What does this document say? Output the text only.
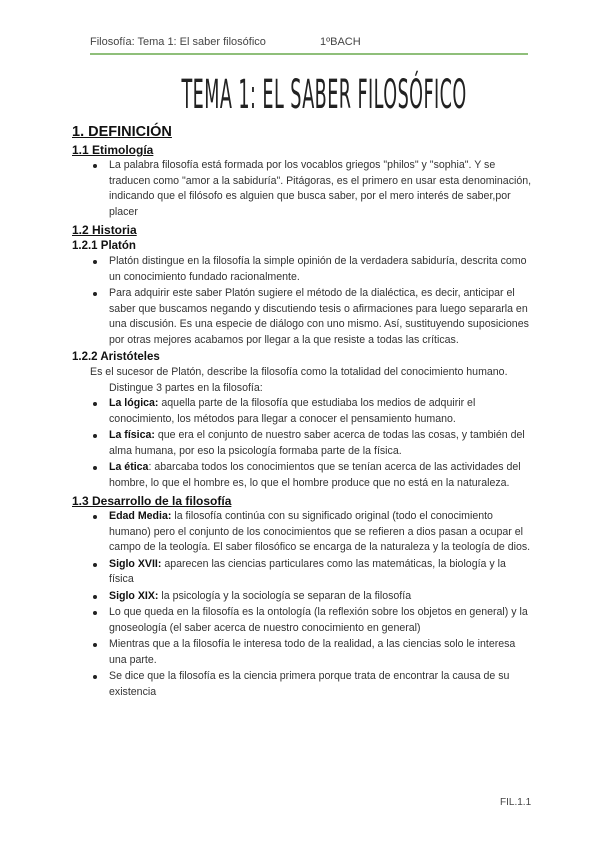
Filosofía: Tema 1: El saber filosófico	1ºBACH
TEMA 1: EL SABER FILOSÓFICO
1. DEFINICIÓN
1.1 Etimología
La palabra filosofía está formada por los vocablos griegos "philos" y "sophia". Y se traducen como "amor a la sabiduría". Pitágoras, es el primero en usar esta denominación, indicando que el filósofo es alguien que busca saber, por el mero interés de saber,por placer
1.2 Historia
1.2.1 Platón
Platón distingue en la filosofía la simple opinión de la verdadera sabiduría, descrita como un conocimiento fundado racionalmente.
Para adquirir este saber Platón sugiere el método de la dialéctica, es decir, anticipar el saber que buscamos negando y discutiendo tesis o afirmaciones para luego separarla en una discusión. Es una especie de diálogo con uno mismo. Así, sustituyendo suposiciones por otras mejores acabamos por llegar a la que resiste a todas las críticas.
1.2.2 Aristóteles

Es el sucesor de Platón, describe la filosofía como la totalidad del conocimiento humano. Distingue 3 partes en la filosofía:

La lógica: aquella parte de la filosofía que estudiaba los medios de adquirir el conocimiento, los métodos para llegar a conocer el pensamiento humano.
La física: que era el conjunto de nuestro saber acerca de todas las cosas, y también del alma humana, por eso la psicología formaba parte de la física.
La ética: abarcaba todos los conocimientos que se tenían acerca de las actividades del hombre, lo que el hombre es, lo que el hombre produce que no está en la naturaleza.
1.3 Desarrollo de la filosofía
Edad Media: la filosofía continúa con su significado original (todo el conocimiento humano) pero el conjunto de los conocimientos que se refieren a dios pasan a ocupar el campo de la teología. El saber filosófico se encarga de la naturaleza y la teología de dios.
Siglo XVII: aparecen las ciencias particulares como las matemáticas, la biología y la física
Siglo XIX: la psicología y la sociología se separan de la filosofía
Lo que queda en la filosofía es la ontología (la reflexión sobre los objetos en general) y la gnoseología (el saber acerca de nuestro conocimiento en general)
Mientras que a la filosofía le interesa todo de la realidad, a las ciencias solo le interesa una parte.
Se dice que la filosofía es la ciencia primera porque trata de encontrar la causa de su existencia
FIL.1.1
